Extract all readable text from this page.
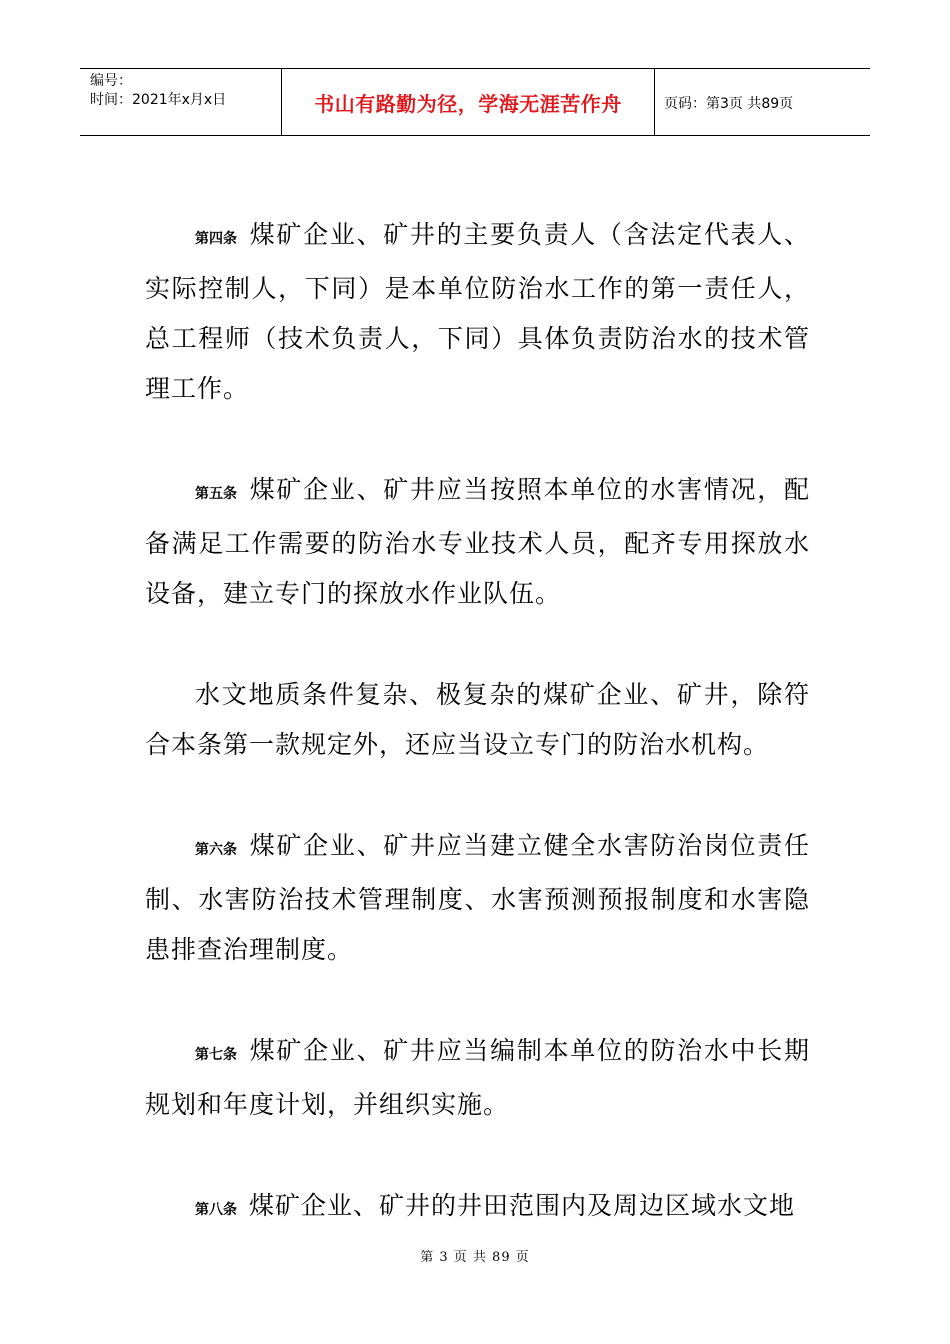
编号：
时间：2021年x月x日	书山有路勤为径，学海无涯苦作舟	页码：第3页 共89页

第四条 煤矿企业、矿井的主要负责人（含法定代表人、实际控制人，下同）是本单位防治水工作的第一责任人，总工程师（技术负责人，下同）具体负责防治水的技术管理工作。

第五条 煤矿企业、矿井应当按照本单位的水害情况，配备满足工作需要的防治水专业技术人员，配齐专用探放水设备，建立专门的探放水作业队伍。

水文地质条件复杂、极复杂的煤矿企业、矿井，除符合本条第一款规定外，还应当设立专门的防治水机构。

第六条 煤矿企业、矿井应当建立健全水害防治岗位责任制、水害防治技术管理制度、水害预测预报制度和水害隐患排查治理制度。

第七条 煤矿企业、矿井应当编制本单位的防治水中长期规划和年度计划，并组织实施。

第八条 煤矿企业、矿井的井田范围内及周边区域水文地

第 3 页 共 89 页
